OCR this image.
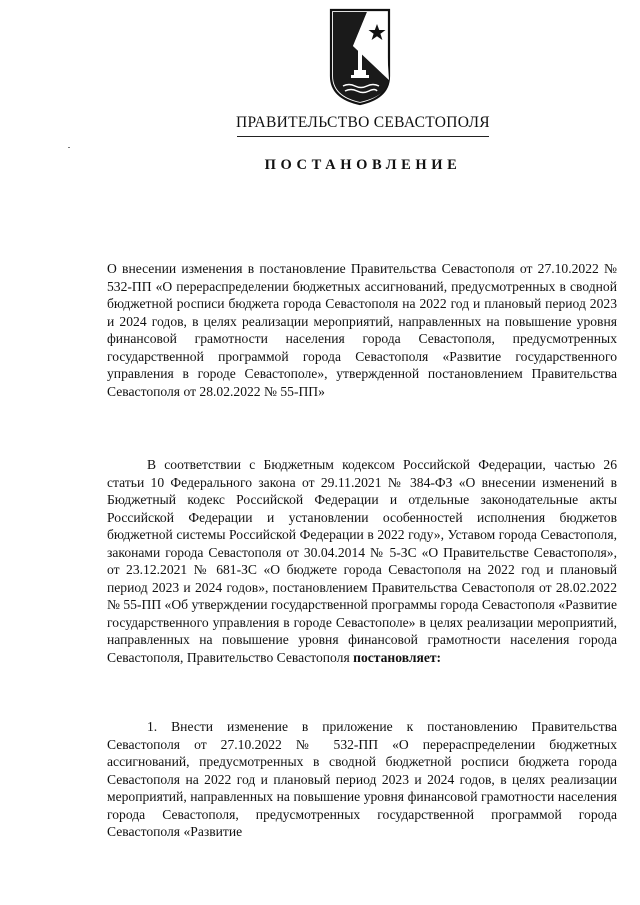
ПРАВИТЕЛЬСТВО СЕВАСТОПОЛЯ
ПОСТАНОВЛЕНИЕ
О внесении изменения в постановление Правительства Севастополя от 27.10.2022 № 532-ПП «О перераспределении бюджетных ассигнований, предусмотренных в сводной бюджетной росписи бюджета города Севастополя на 2022 год и плановый период 2023 и 2024 годов, в целях реализации мероприятий, направленных на повышение уровня финансовой грамотности населения города Севастополя, предусмотренных государственной программой города Севастополя «Развитие государственного управления в городе Севастополе», утвержденной постановлением Правительства Севастополя от 28.02.2022 № 55-ПП»
В соответствии с Бюджетным кодексом Российской Федерации, частью 26 статьи 10 Федерального закона от 29.11.2021 № 384-ФЗ «О внесении изменений в Бюджетный кодекс Российской Федерации и отдельные законодательные акты Российской Федерации и установлении особенностей исполнения бюджетов бюджетной системы Российской Федерации в 2022 году», Уставом города Севастополя, законами города Севастополя от 30.04.2014 № 5-ЗС «О Правительстве Севастополя», от 23.12.2021 № 681-ЗС «О бюджете города Севастополя на 2022 год и плановый период 2023 и 2024 годов», постановлением Правительства Севастополя от 28.02.2022 № 55-ПП «Об утверждении государственной программы города Севастополя «Развитие государственного управления в городе Севастополе» в целях реализации мероприятий, направленных на повышение уровня финансовой грамотности населения города Севастополя, Правительство Севастополя постановляет:
1. Внести изменение в приложение к постановлению Правительства Севастополя от 27.10.2022 № 532-ПП «О перераспределении бюджетных ассигнований, предусмотренных в сводной бюджетной росписи бюджета города Севастополя на 2022 год и плановый период 2023 и 2024 годов, в целях реализации мероприятий, направленных на повышение уровня финансовой грамотности населения города Севастополя, предусмотренных государственной программой города Севастополя «Развитие
